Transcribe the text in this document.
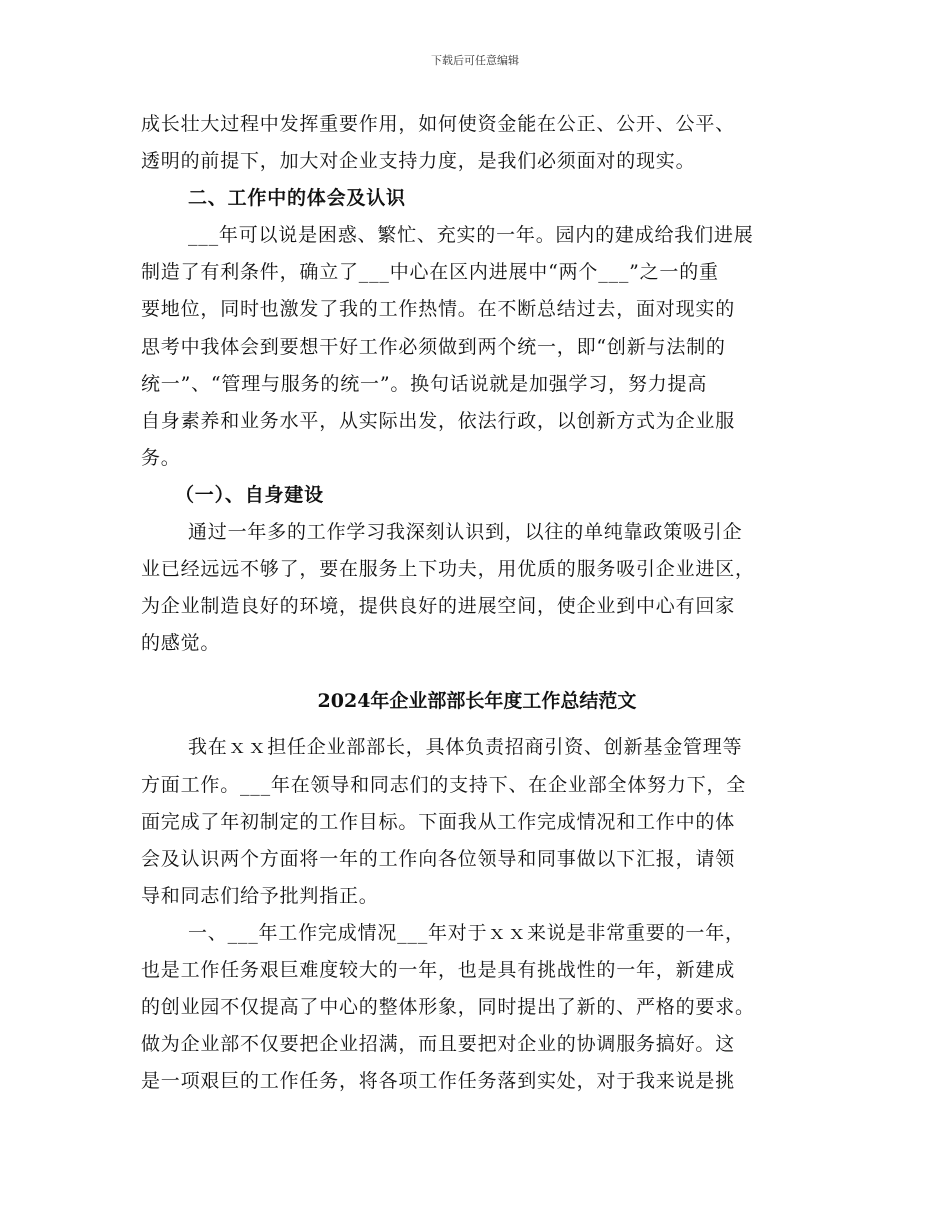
下载后可任意编辑
成长壮大过程中发挥重要作用，如何使资金能在公正、公开、公平、
透明的前提下，加大对企业支持力度，是我们必须面对的现实。
二、工作中的体会及认识
___年可以说是困惑、繁忙、充实的一年。园内的建成给我们进展
制造了有利条件，确立了___中心在区内进展中“两个___”之一的重
要地位，同时也激发了我的工作热情。在不断总结过去，面对现实的
思考中我体会到要想干好工作必须做到两个统一，即“创新与法制的
统一”、“管理与服务的统一”。换句话说就是加强学习，努力提高
自身素养和业务水平，从实际出发，依法行政，以创新方式为企业服
务。
（一）、自身建设
通过一年多的工作学习我深刻认识到，以往的单纯靠政策吸引企
业已经远远不够了，要在服务上下功夫，用优质的服务吸引企业进区，
为企业制造良好的环境，提供良好的进展空间，使企业到中心有回家
的感觉。
2024年企业部部长年度工作总结范文
我在ｘｘ担任企业部部长，具体负责招商引资、创新基金管理等
方面工作。___年在领导和同志们的支持下、在企业部全体努力下，全
面完成了年初制定的工作目标。下面我从工作完成情况和工作中的体
会及认识两个方面将一年的工作向各位领导和同事做以下汇报，请领
导和同志们给予批判指正。
一、___年工作完成情况___年对于ｘｘ来说是非常重要的一年，
也是工作任务艰巨难度较大的一年，也是具有挑战性的一年，新建成
的创业园不仅提高了中心的整体形象，同时提出了新的、严格的要求。
做为企业部不仅要把企业招满，而且要把对企业的协调服务搞好。这
是一项艰巨的工作任务，将各项工作任务落到实处，对于我来说是挑
